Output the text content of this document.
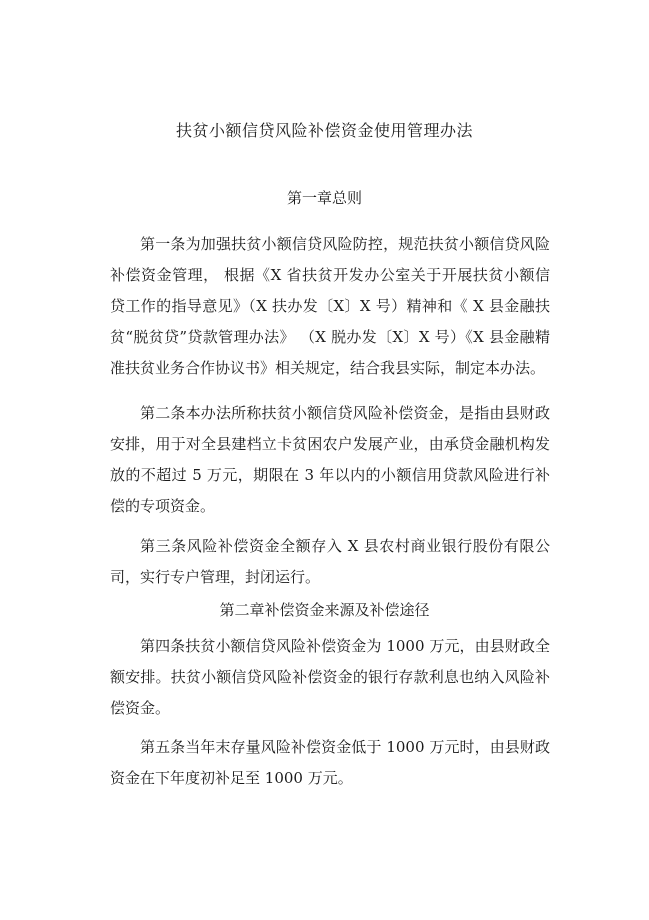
扶贫小额信贷风险补偿资金使用管理办法
第一章总则

第一条为加强扶贫小额信贷风险防控，规范扶贫小额信贷风险补偿资金管理， 根据《X 省扶贫开发办公室关于开展扶贫小额信贷工作的指导意见》（X 扶办发〔X〕X 号）精神和《 X 县金融扶贫“脱贫贷”贷款管理办法》 （X 脱办发〔X〕X 号）《X 县金融精准扶贫业务合作协议书》相关规定，结合我县实际，制定本办法。

第二条本办法所称扶贫小额信贷风险补偿资金，是指由县财政安排，用于对全县建档立卡贫困农户发展产业，由承贷金融机构发放的不超过 5 万元，期限在 3 年以内的小额信用贷款风险进行补偿的专项资金。

第三条风险补偿资金全额存入 X 县农村商业银行股份有限公司，实行专户管理，封闭运行。

第二章补偿资金来源及补偿途径

第四条扶贫小额信贷风险补偿资金为 1000 万元，由县财政全额安排。扶贫小额信贷风险补偿资金的银行存款利息也纳入风险补偿资金。

第五条当年末存量风险补偿资金低于 1000 万元时，由县财政资金在下年度初补足至 1000 万元。
